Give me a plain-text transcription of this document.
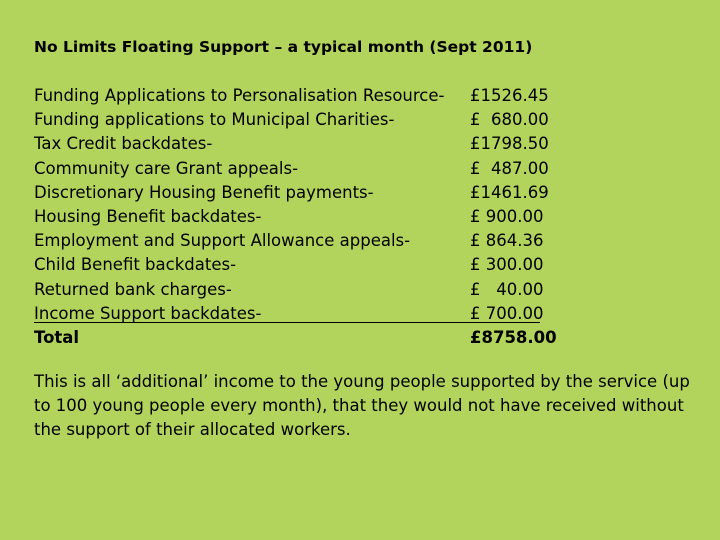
No Limits Floating Support – a typical month (Sept 2011)
Funding Applications to Personalisation Resource- £1526.45
Funding applications to Municipal Charities-	£  680.00
Tax Credit backdates-	£1798.50
Community care Grant appeals-	£  487.00
Discretionary Housing Benefit payments-	£1461.69
Housing Benefit backdates-	£ 900.00
Employment and Support Allowance appeals-	£ 864.36
Child Benefit backdates-	£ 300.00
Returned bank charges-	£   40.00
Income Support backdates-	£ 700.00
Total	£8758.00
This is all ‘additional’ income to the young people supported by the service (up to 100 young people every month), that they would not have received without the support of their allocated workers.
